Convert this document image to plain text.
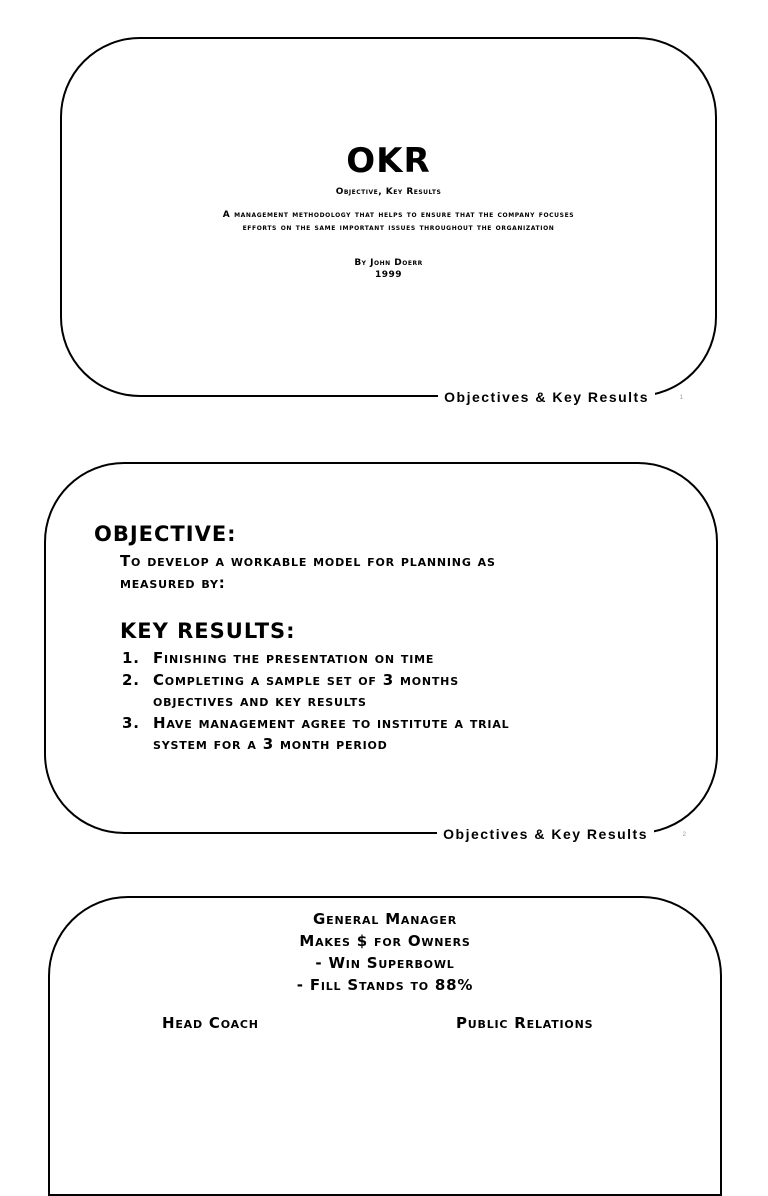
OKR
Objective, Key Results
A management methodology that helps to ensure that the company focuses
efforts on the same important issues throughout the organization
By John Doerr
1999
Objectives & Key Results	1
OBJECTIVE:
To develop a workable model for planning as
measured by:
KEY RESULTS:
1. Finishing the presentation on time
2. Completing a sample set of 3 months
objectives and key results
3. Have management agree to institute a trial
system for a 3 month period
Objectives & Key Results	2
General Manager
Makes $ for Owners
- Win Superbowl
- Fill Stands to 88%
Head Coach	Public Relations
